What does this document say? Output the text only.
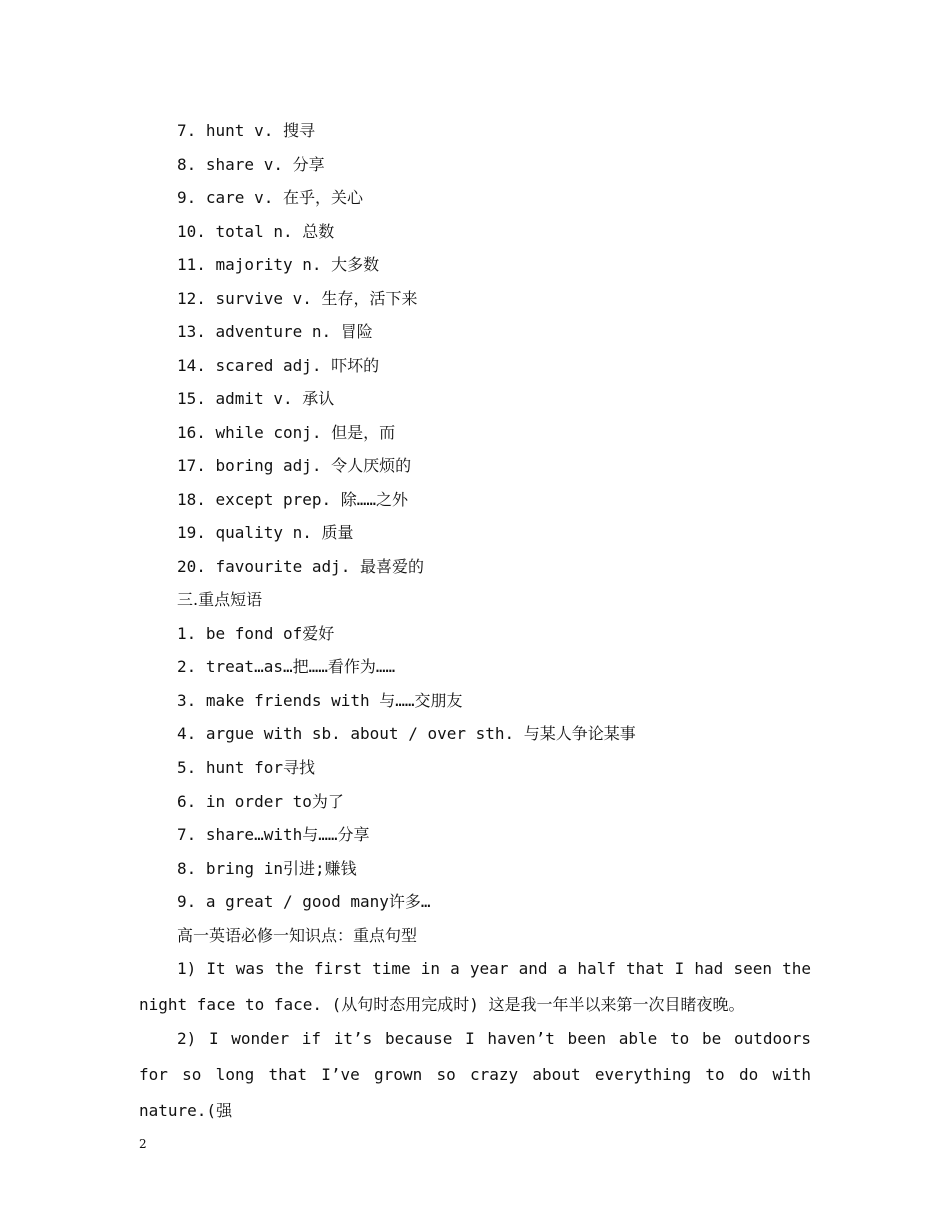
7. hunt v. 搜寻
8. share v. 分享
9. care v. 在乎，关心
10. total n. 总数
11. majority n. 大多数
12. survive v. 生存，活下来
13. adventure n. 冒险
14. scared adj. 吓坏的
15. admit v. 承认
16. while conj. 但是，而
17. boring adj. 令人厌烦的
18. except prep. 除……之外
19. quality n. 质量
20. favourite adj. 最喜爱的
三.重点短语
1. be fond of爱好
2. treat…as…把……看作为……
3. make friends with 与……交朋友
4. argue with sb. about / over sth. 与某人争论某事
5. hunt for寻找
6. in order to为了
7. share…with与……分享
8. bring in引进;赚钱
9. a great / good many许多…
高一英语必修一知识点：重点句型
1) It was the first time in a year and a half that I had seen the night face to face. (从句时态用完成时) 这是我一年半以来第一次目睹夜晚。
2) I wonder if it’s because I haven’t been able to be outdoors for so long that I’ve grown so crazy about everything to do with nature.(强
2
